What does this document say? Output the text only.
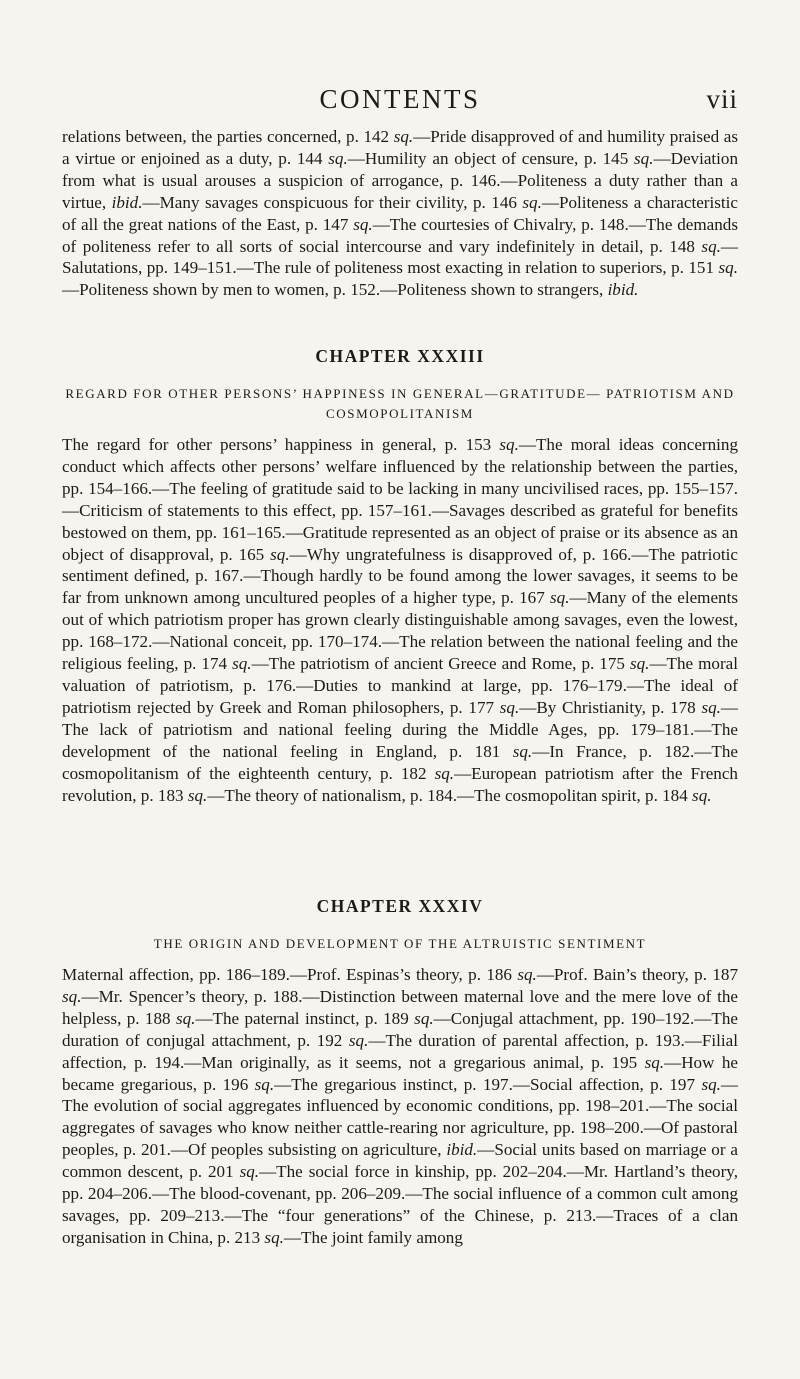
CONTENTS	vii

relations between, the parties concerned, p. 142 sq.—Pride disapproved of and humility praised as a virtue or enjoined as a duty, p. 144 sq.—Humility an object of censure, p. 145 sq.—Deviation from what is usual arouses a suspicion of arrogance, p. 146.—Politeness a duty rather than a virtue, ibid.—Many savages conspicuous for their civility, p. 146 sq.—Politeness a characteristic of all the great nations of the East, p. 147 sq.—The courtesies of Chivalry, p. 148.—The demands of politeness refer to all sorts of social intercourse and vary indefinitely in detail, p. 148 sq.—Salutations, pp. 149–151.—The rule of politeness most exacting in relation to superiors, p. 151 sq.—Politeness shown by men to women, p. 152.—Politeness shown to strangers, ibid.

CHAPTER XXXIII
REGARD FOR OTHER PERSONS’ HAPPINESS IN GENERAL—GRATITUDE— PATRIOTISM AND COSMOPOLITANISM

The regard for other persons’ happiness in general, p. 153 sq.—The moral ideas concerning conduct which affects other persons’ welfare influenced by the relationship between the parties, pp. 154–166.—The feeling of gratitude said to be lacking in many uncivilised races, pp. 155–157.—Criticism of statements to this effect, pp. 157–161.—Savages described as grateful for benefits bestowed on them, pp. 161–165.—Gratitude represented as an object of praise or its absence as an object of disapproval, p. 165 sq.—Why ungratefulness is disapproved of, p. 166.—The patriotic sentiment defined, p. 167.—Though hardly to be found among the lower savages, it seems to be far from unknown among uncultured peoples of a higher type, p. 167 sq.—Many of the elements out of which patriotism proper has grown clearly distinguishable among savages, even the lowest, pp. 168–172.—National conceit, pp. 170–174.—The relation between the national feeling and the religious feeling, p. 174 sq.—The patriotism of ancient Greece and Rome, p. 175 sq.—The moral valuation of patriotism, p. 176.—Duties to mankind at large, pp. 176–179.—The ideal of patriotism rejected by Greek and Roman philosophers, p. 177 sq.—By Christianity, p. 178 sq.—The lack of patriotism and national feeling during the Middle Ages, pp. 179–181.—The development of the national feeling in England, p. 181 sq.—In France, p. 182.—The cosmopolitanism of the eighteenth century, p. 182 sq.—European patriotism after the French revolution, p. 183 sq.—The theory of nationalism, p. 184.—The cosmopolitan spirit, p. 184 sq.

CHAPTER XXXIV
THE ORIGIN AND DEVELOPMENT OF THE ALTRUISTIC SENTIMENT

Maternal affection, pp. 186–189.—Prof. Espinas’s theory, p. 186 sq.—Prof. Bain’s theory, p. 187 sq.—Mr. Spencer’s theory, p. 188.—Distinction between maternal love and the mere love of the helpless, p. 188 sq.—The paternal instinct, p. 189 sq.—Conjugal attachment, pp. 190–192.—The duration of conjugal attachment, p. 192 sq.—The duration of parental affection, p. 193.—Filial affection, p. 194.—Man originally, as it seems, not a gregarious animal, p. 195 sq.—How he became gregarious, p. 196 sq.—The gregarious instinct, p. 197.—Social affection, p. 197 sq.—The evolution of social aggregates influenced by economic conditions, pp. 198–201.—The social aggregates of savages who know neither cattle-rearing nor agriculture, pp. 198–200.—Of pastoral peoples, p. 201.—Of peoples subsisting on agriculture, ibid.—Social units based on marriage or a common descent, p. 201 sq.—The social force in kinship, pp. 202–204.—Mr. Hartland’s theory, pp. 204–206.—The blood-covenant, pp. 206–209.—The social influence of a common cult among savages, pp. 209–213.—The “four generations” of the Chinese, p. 213.—Traces of a clan organisation in China, p. 213 sq.—The joint family among
